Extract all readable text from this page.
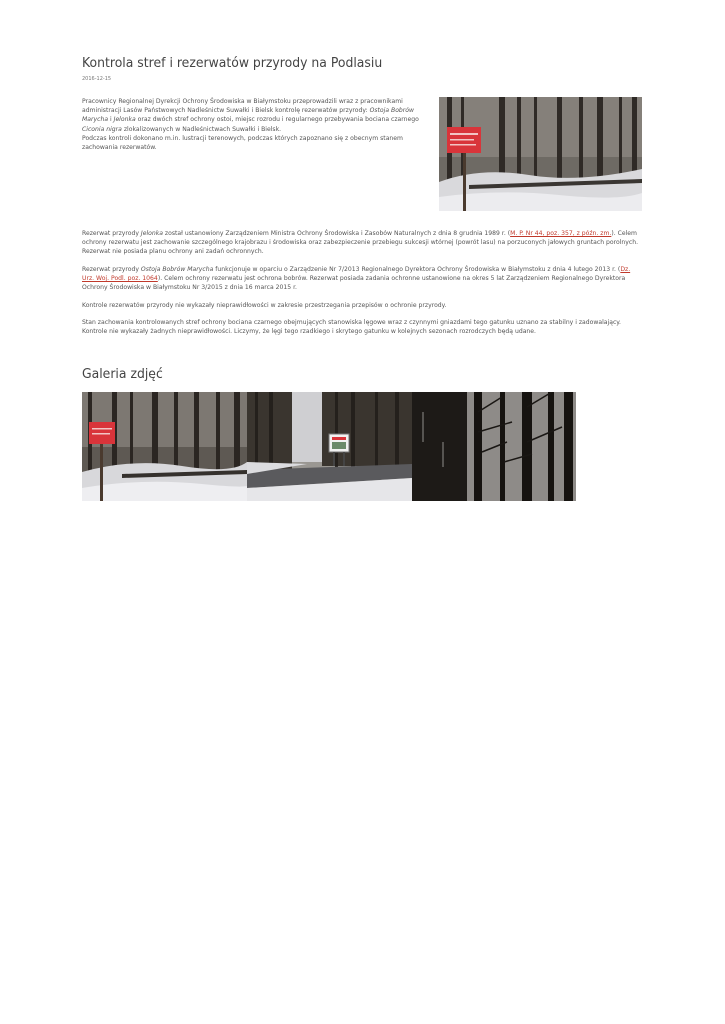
Kontrola stref i rezerwatów przyrody na Podlasiu
2016-12-15

Pracownicy Regionalnej Dyrekcji Ochrony Środowiska w Białymstoku przeprowadzili wraz z pracownikami administracji Lasów Państwowych Nadleśnictw Suwałki i Bielsk kontrolę rezerwatów przyrody: Ostoja Bobrów Marycha i Jelonka oraz dwóch stref ochrony ostoi, miejsc rozrodu i regularnego przebywania bociana czarnego Ciconia nigra zlokalizowanych w Nadleśnictwach Suwałki i Bielsk.
Podczas kontroli dokonano m.in. lustracji terenowych, podczas których zapoznano się z obecnym stanem zachowania rezerwatów.

Rezerwat przyrody Jelonka został ustanowiony Zarządzeniem Ministra Ochrony Środowiska i Zasobów Naturalnych z dnia 8 grudnia 1989 r. (M. P. Nr 44, poz. 357, z późn. zm.). Celem ochrony rezerwatu jest zachowanie szczególnego krajobrazu i środowiska oraz zabezpieczenie przebiegu sukcesji wtórnej (powrót lasu) na porzuconych jałowych gruntach porolnych. Rezerwat nie posiada planu ochrony ani zadań ochronnych.

Rezerwat przyrody Ostoja Bobrów Marycha funkcjonuje w oparciu o Zarządzenie Nr 7/2013 Regionalnego Dyrektora Ochrony Środowiska w Białymstoku z dnia 4 lutego 2013 r. (Dz. Urz. Woj. Podl. poz. 1064). Celem ochrony rezerwatu jest ochrona bobrów. Rezerwat posiada zadania ochronne ustanowione na okres 5 lat Zarządzeniem Regionalnego Dyrektora Ochrony Środowiska w Białymstoku Nr 3/2015 z dnia 16 marca 2015 r.

Kontrole rezerwatów przyrody nie wykazały nieprawidłowości w zakresie przestrzegania przepisów o ochronie przyrody.

Stan zachowania kontrolowanych stref ochrony bociana czarnego obejmujących stanowiska lęgowe wraz z czynnymi gniazdami tego gatunku uznano za stabilny i zadowalający. Kontrole nie wykazały żadnych nieprawidłowości. Liczymy, że lęgi tego rzadkiego i skrytego gatunku w kolejnych sezonach rozrodczych będą udane.

Galeria zdjęć
